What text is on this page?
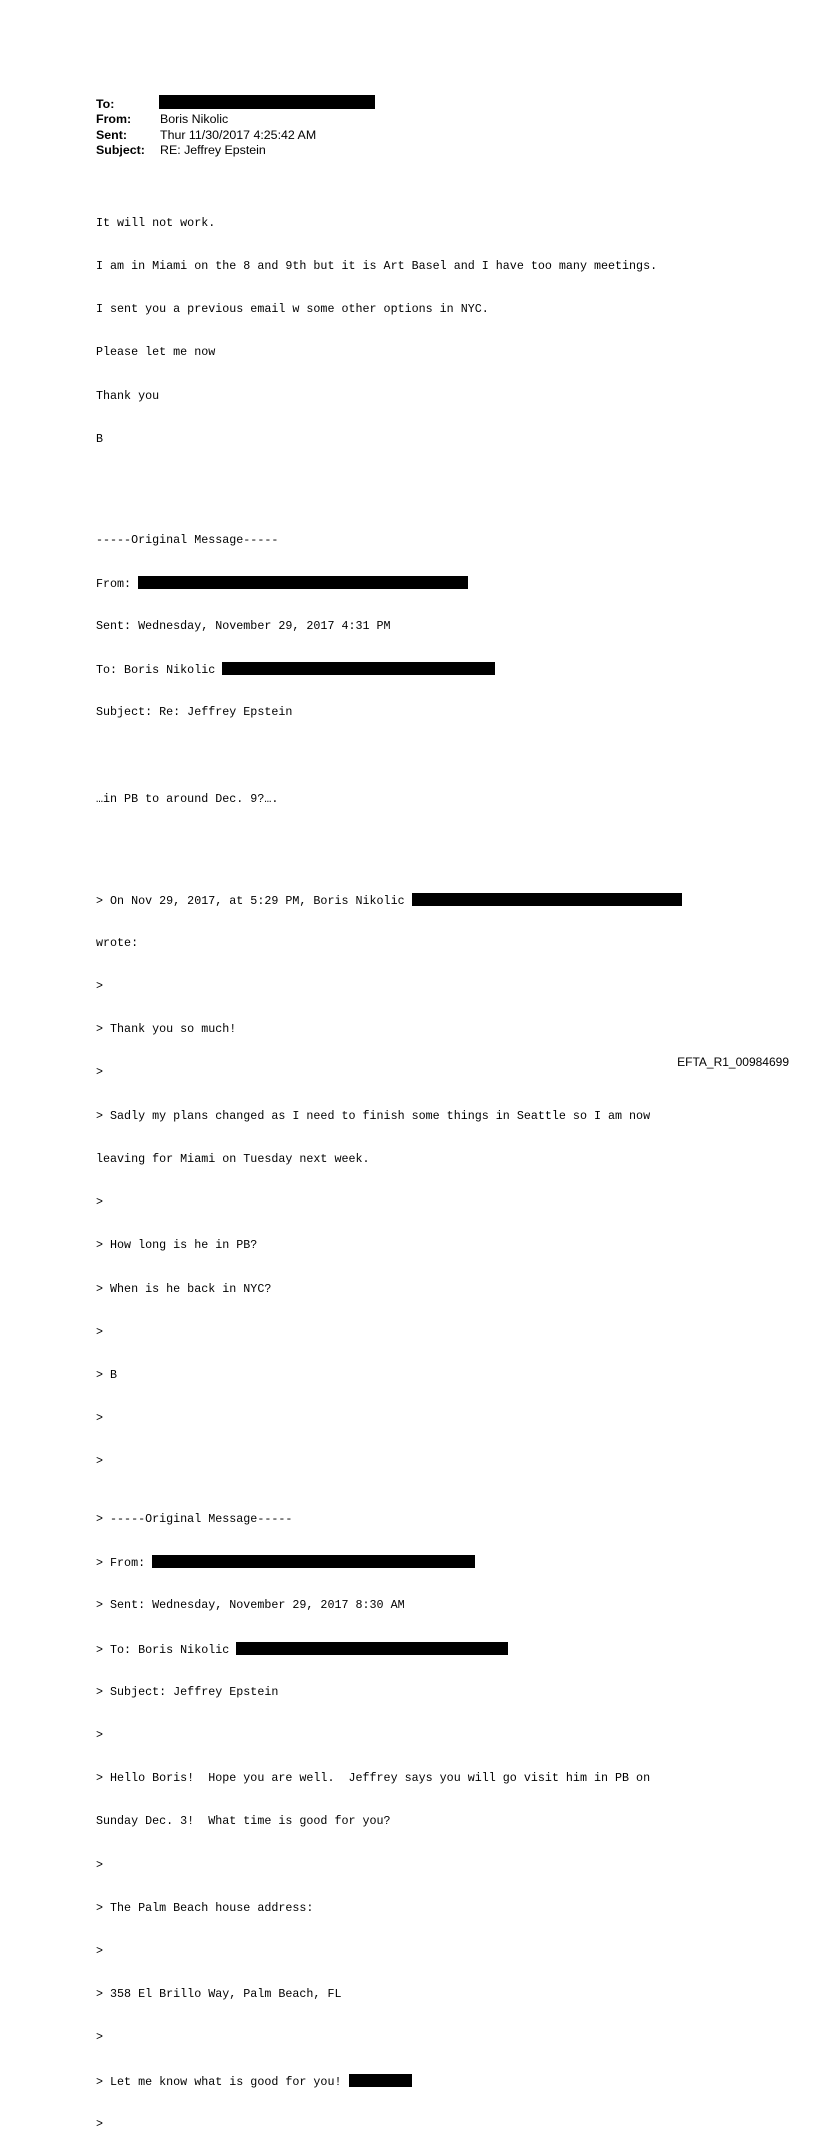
To:
From: Boris Nikolic
Sent:	Thur 11/30/2017 4:25:42 AM
Subject: RE: Jeffrey Epstein

It will not work.

I am in Miami on the 8 and 9th but it is Art Basel and I have too many meetings.

I sent you a previous email w some other options in NYC.

Please let me now

Thank you

B

-----Original Message-----

From:

Sent: Wednesday, November 29, 2017 4:31 PM

To: Boris Nikolic

Subject: Re: Jeffrey Epstein

…in PB to around Dec. 9?….

> On Nov 29, 2017, at 5:29 PM, Boris Nikolic

wrote:

>

> Thank you so much!

>

> Sadly my plans changed as I need to finish some things in Seattle so I am now

leaving for Miami on Tuesday next week.

>

> How long is he in PB?

> When is he back in NYC?

>

> B

>

>

> -----Original Message-----

> From:

> Sent: Wednesday, November 29, 2017 8:30 AM

> To: Boris Nikolic

> Subject: Jeffrey Epstein

>

> Hello Boris!  Hope you are well.  Jeffrey says you will go visit him in PB on

Sunday Dec. 3!  What time is good for you?

>

> The Palm Beach house address:

>

> 358 El Brillo Way, Palm Beach, FL

>

> Let me know what is good for you!

>

EFTA_R1_00984699
